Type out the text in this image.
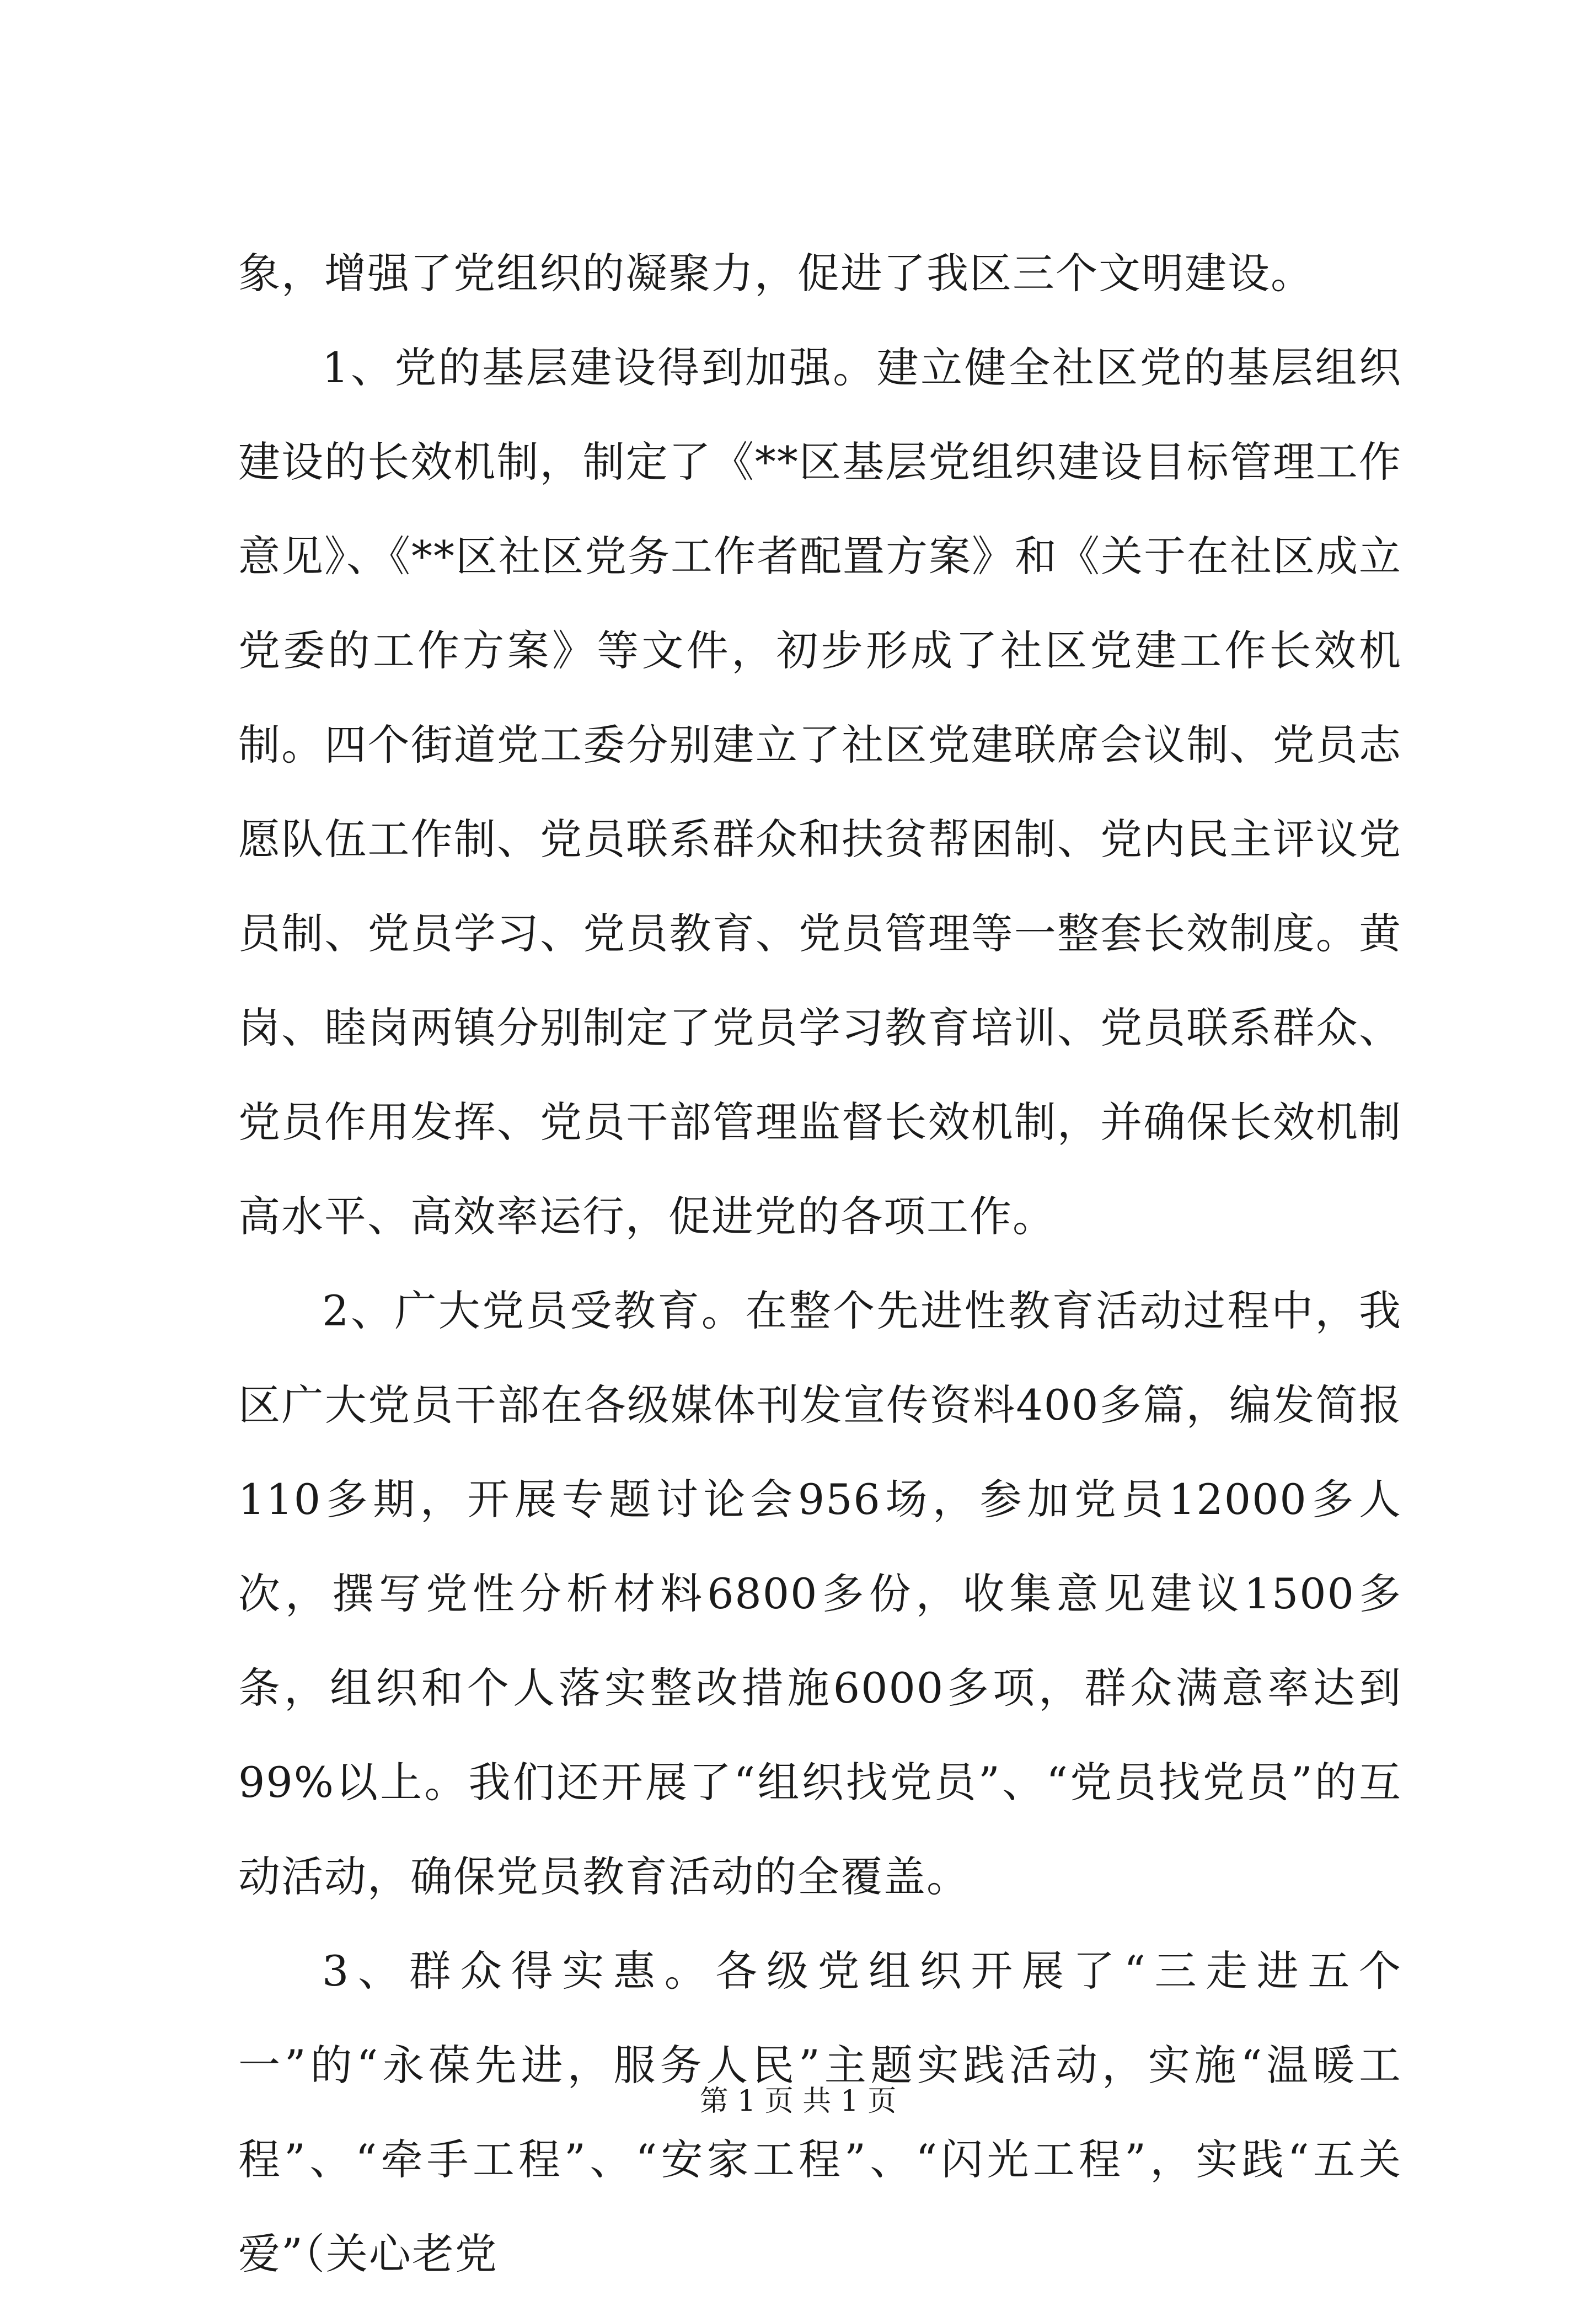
象，增强了党组织的凝聚力，促进了我区三个文明建设。

1、党的基层建设得到加强。建立健全社区党的基层组织建设的长效机制，制定了《**区基层党组织建设目标管理工作意见》、《**区社区党务工作者配置方案》和《关于在社区成立党委的工作方案》等文件，初步形成了社区党建工作长效机制。四个街道党工委分别建立了社区党建联席会议制、党员志愿队伍工作制、党员联系群众和扶贫帮困制、党内民主评议党员制、党员学习、党员教育、党员管理等一整套长效制度。黄岗、睦岗两镇分别制定了党员学习教育培训、党员联系群众、党员作用发挥、党员干部管理监督长效机制，并确保长效机制高水平、高效率运行，促进党的各项工作。

2、广大党员受教育。在整个先进性教育活动过程中，我区广大党员干部在各级媒体刊发宣传资料400多篇，编发简报110多期，开展专题讨论会956场，参加党员12000多人次，撰写党性分析材料6800多份，收集意见建议1500多条，组织和个人落实整改措施6000多项，群众满意率达到99%以上。我们还开展了“组织找党员”、“党员找党员”的互动活动，确保党员教育活动的全覆盖。

3、群众得实惠。各级党组织开展了“三走进五个一”的“永葆先进，服务人民”主题实践活动，实施“温暖工程”、“牵手工程”、“安家工程”、“闪光工程”，实践“五关爱”（关心老党

第 1 页 共 1 页
